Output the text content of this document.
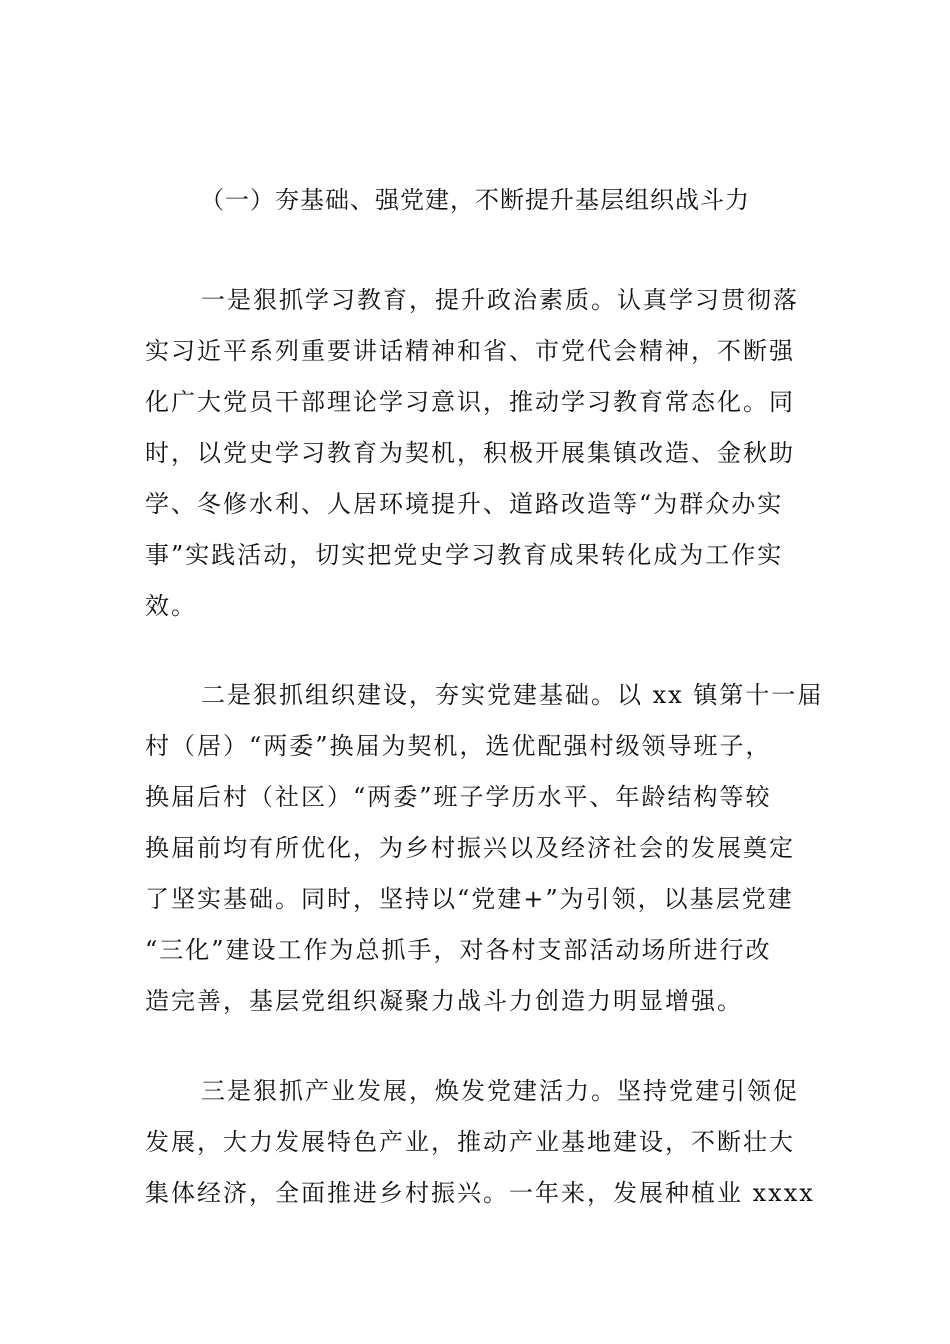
（一）夯基础、强党建，不断提升基层组织战斗力
一是狠抓学习教育，提升政治素质。认真学习贯彻落
实习近平系列重要讲话精神和省、市党代会精神，不断强
化广大党员干部理论学习意识，推动学习教育常态化。同
时，以党史学习教育为契机，积极开展集镇改造、金秋助
学、冬修水利、人居环境提升、道路改造等“为群众办实
事”实践活动，切实把党史学习教育成果转化成为工作实
效。
二是狠抓组织建设，夯实党建基础。以 xx 镇第十一届
村（居）“两委”换届为契机，选优配强村级领导班子，
换届后村（社区）“两委”班子学历水平、年龄结构等较
换届前均有所优化，为乡村振兴以及经济社会的发展奠定
了坚实基础。同时，坚持以“党建+”为引领，以基层党建
“三化”建设工作为总抓手，对各村支部活动场所进行改
造完善，基层党组织凝聚力战斗力创造力明显增强。
三是狠抓产业发展，焕发党建活力。坚持党建引领促
发展，大力发展特色产业，推动产业基地建设，不断壮大
集体经济，全面推进乡村振兴。一年来，发展种植业 xxxx
